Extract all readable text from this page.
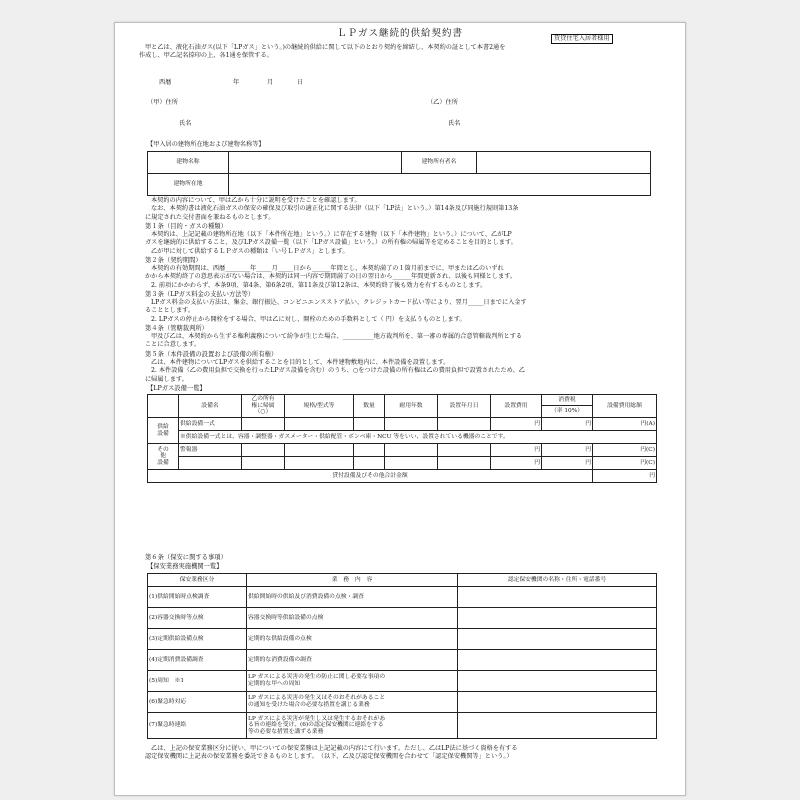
ＬＰガス継続的供給契約書	賃貸住宅入居者様用
甲と乙は、液化石油ガス(以下「LPガス」という。)の継続的供給に関して以下のとおり契約を締結し、本契約の証として本書2通を
作成し、甲乙記名捺印の上、各1通を保管する。
西暦	年	月	日
（甲）住所	（乙）住所
氏名	氏名
【甲入居の建物所在地および建物名称等】
建物名称		建物所有者名	
建物所在地			
本契約の内容について、甲は乙から十分に説明を受けたことを確認します。
なお、本契約書は液化石油ガスの保安の確保及び取引の適正化に関する法律（以下「LP法」という。）第14条及び同施行規則第13条
に規定された交付書面を兼ねるものとします。
第１条（目的・ガスの種類）
本契約は、上記記載の建物所在地（以下「本件所在地」という。）に存在する建物（以下「本件建物」という。）について、乙がLP
ガスを継続的に供給すること、及びLPガス設備一覧（以下「LPガス設備」という。）の所有権の帰属等を定めることを目的とします。
乙が甲に対して供給するＬＰガスの種類は「い号ＬＰガス」とします。
第２条（契約期間）
本契約の有効期間は、西暦________年_____月_____日から______年間とし、本契約満了の１箇月前までに、甲または乙のいずれ
かから本契約終了の意思表示がない場合は、本契約は同一内容で期間満了の日の翌日から______年間更新され、以後も同様とします。
2. 前項にかかわらず、本条9項、第4条、第6条2項、第11条及び第12条は、本契約終了後も効力を有するものとします。
第３条（LPガス料金の支払い方法等）
LPガス料金の支払い方法は、集金、銀行振込、コンビニエンスストア払い、クレジットカード払い等により、翌月_____日までに入金す
ることとします。
2. LPガスの停止から開栓をする場合、甲は乙に対し、開栓のための手数料として（ 円）を支払うものとします。
第４条（管轄裁判所）
甲及び乙は、本契約から生ずる権利義務について紛争が生じた場合、__________地方裁判所を、第一審の専属的合意管轄裁判所とする
ことに合意します。
第５条（本件設備の設置および設備の所有権）
乙は、本件建物についてLPガスを供給することを目的として、本件建物敷地内に、本件設備を設置します。
2. 本件設備（乙の費用負担で交換を行ったLPガス設備を含む）のうち、○をつけた設備の所有権は乙の費用負担で設置されたため、乙
に帰属します。
【LPガス設備一覧】
	設備名	乙の所有
権に帰属
（○）	規格/型式等	数量	耐用年数	設置年月日	設置費用	消費税	設備費用総額
								（率 10%）	

供給
設備	供給設備一式						円	円	円(A)
	※供給設備一式とは、容器・調整器・ガスメーター・供給配管・ボンベ庫・NCU 等をいい、設置されている機器のことです。								

その
他
設備	警報器						円	円	円(C)
							円	円	円(C)
貸付設備及びその他合計金額									円
第６条（保安に関する事項）
【保安業務実施機関一覧】
保安業務区分	業　務　内　容	認定保安機関の名称・住所・電話番号
(1)供給開始時点検調査	供給開始時の供給及び消費設備の点検・調査	
(2)容器交換時等点検	容器交換時等供給設備の点検	
(3)定期供給設備点検	定期的な供給設備の点検	
(4)定期消費設備調査	定期的な消費設備の調査	
(5)周知　※1	LP ガスによる災害の発生の防止に関し必要な事項の
定期的な甲への周知	

(6)緊急時対応	LP ガスによる災害の発生又はそのおそれがあること
の通知を受けた場合の必要な措置を講じる業務	

(7)緊急時連絡	LP ガスによる災害が発生し又は発生するおそれがあ
る旨の連絡を受け、(6)の認定保安機関に連絡をする
等の必要な措置を講ずる業務	

乙は、上記の保安業務区分に従い、甲についての保安業務は上記記載の内容にて行います。ただし、乙はLP法に基づく資格を有する
認定保安機関に上記表の保安業務を委託できるものとします。　（以下、乙及び認定保安機関を合わせて「認定保安機関等」という。）
